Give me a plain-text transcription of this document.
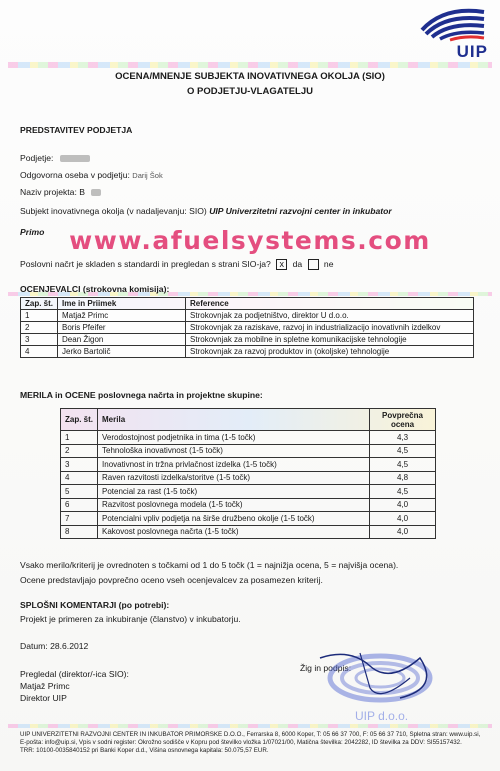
UIP
OCENA/MNENJE SUBJEKTA INOVATIVNEGA OKOLJA (SIO)
O PODJETJU-VLAGATELJU
PREDSTAVITEV PODJETJA
Podjetje:
Odgovorna oseba v podjetju: Darij Šok
Naziv projekta: B
Subjekt inovativnega okolja (v nadaljevanju: SIO) UIP Univerzitetni razvojni center in inkubator
Primo www.afuelsystems.com
Poslovni načrt je skladen s standardi in pregledan s strani SIO-ja? x da	ne
OCENJEVALCI (strokovna komisija):
Zap. št.	Ime in Priimek	Reference
1	Matjaž Primc	Strokovnjak za podjetništvo, direktor U d.o.o.
2	Boris Pfeifer	Strokovnjak za raziskave, razvoj in industrializacijo inovativnih izdelkov
3	Dean Žigon	Strokovnjak za mobilne in spletne komunikacijske tehnologije
4	Jerko Bartolič	Strokovnjak za razvoj produktov in (okoljske) tehnologije
MERILA in OCENE poslovnega načrta in projektne skupine:
Zap. št.	Merila	Povprečna ocena
1	Verodostojnost podjetnika in tima (1-5 točk)	4,3
2	Tehnološka inovativnost (1-5 točk)	4,5
3	Inovativnost in tržna privlačnost izdelka (1-5 točk)	4,5
4	Raven razvitosti izdelka/storitve (1-5 točk)	4,8
5	Potencial za rast (1-5 točk)	4,5
6	Razvitost poslovnega modela (1-5 točk)	4,0
7	Potencialni vpliv podjetja na širše družbeno okolje (1-5 točk)	4,0
8	Kakovost poslovnega načrta (1-5 točk)	4,0
Vsako merilo/kriterij je ovrednoten s točkami od 1 do 5 točk (1 = najnižja ocena, 5 = najvišja ocena).
Ocene predstavljajo povprečno oceno vseh ocenjevalcev za posamezen kriterij.
SPLOŠNI KOMENTARJI (po potrebi):
Projekt je primeren za inkubiranje (članstvo) v inkubatorju.
Datum: 28.6.2012
Pregledal (direktor/-ica SIO):
Matjaž Primc
Direktor UIP
Žig in podpis:
UIP d.o.o.
UIP UNIVERZITETNI RAZVOJNI CENTER IN INKUBATOR PRIMORSKE D.O.O., Ferrarska 8, 6000 Koper, T: 05 66 37 700, F: 05 66 37 710, Spletna stran: www.uip.si,
E-pošta: info@uip.si, Vpis v sodni register: Okrožno sodišče v Kopru pod številko vložka 1/07021/00, Matična številka: 2042282, ID številka za DDV: SI55157432.
TRR: 10100-0035840152 pri Banki Koper d.d., Višina osnovnega kapitala: 50.075,57 EUR.
